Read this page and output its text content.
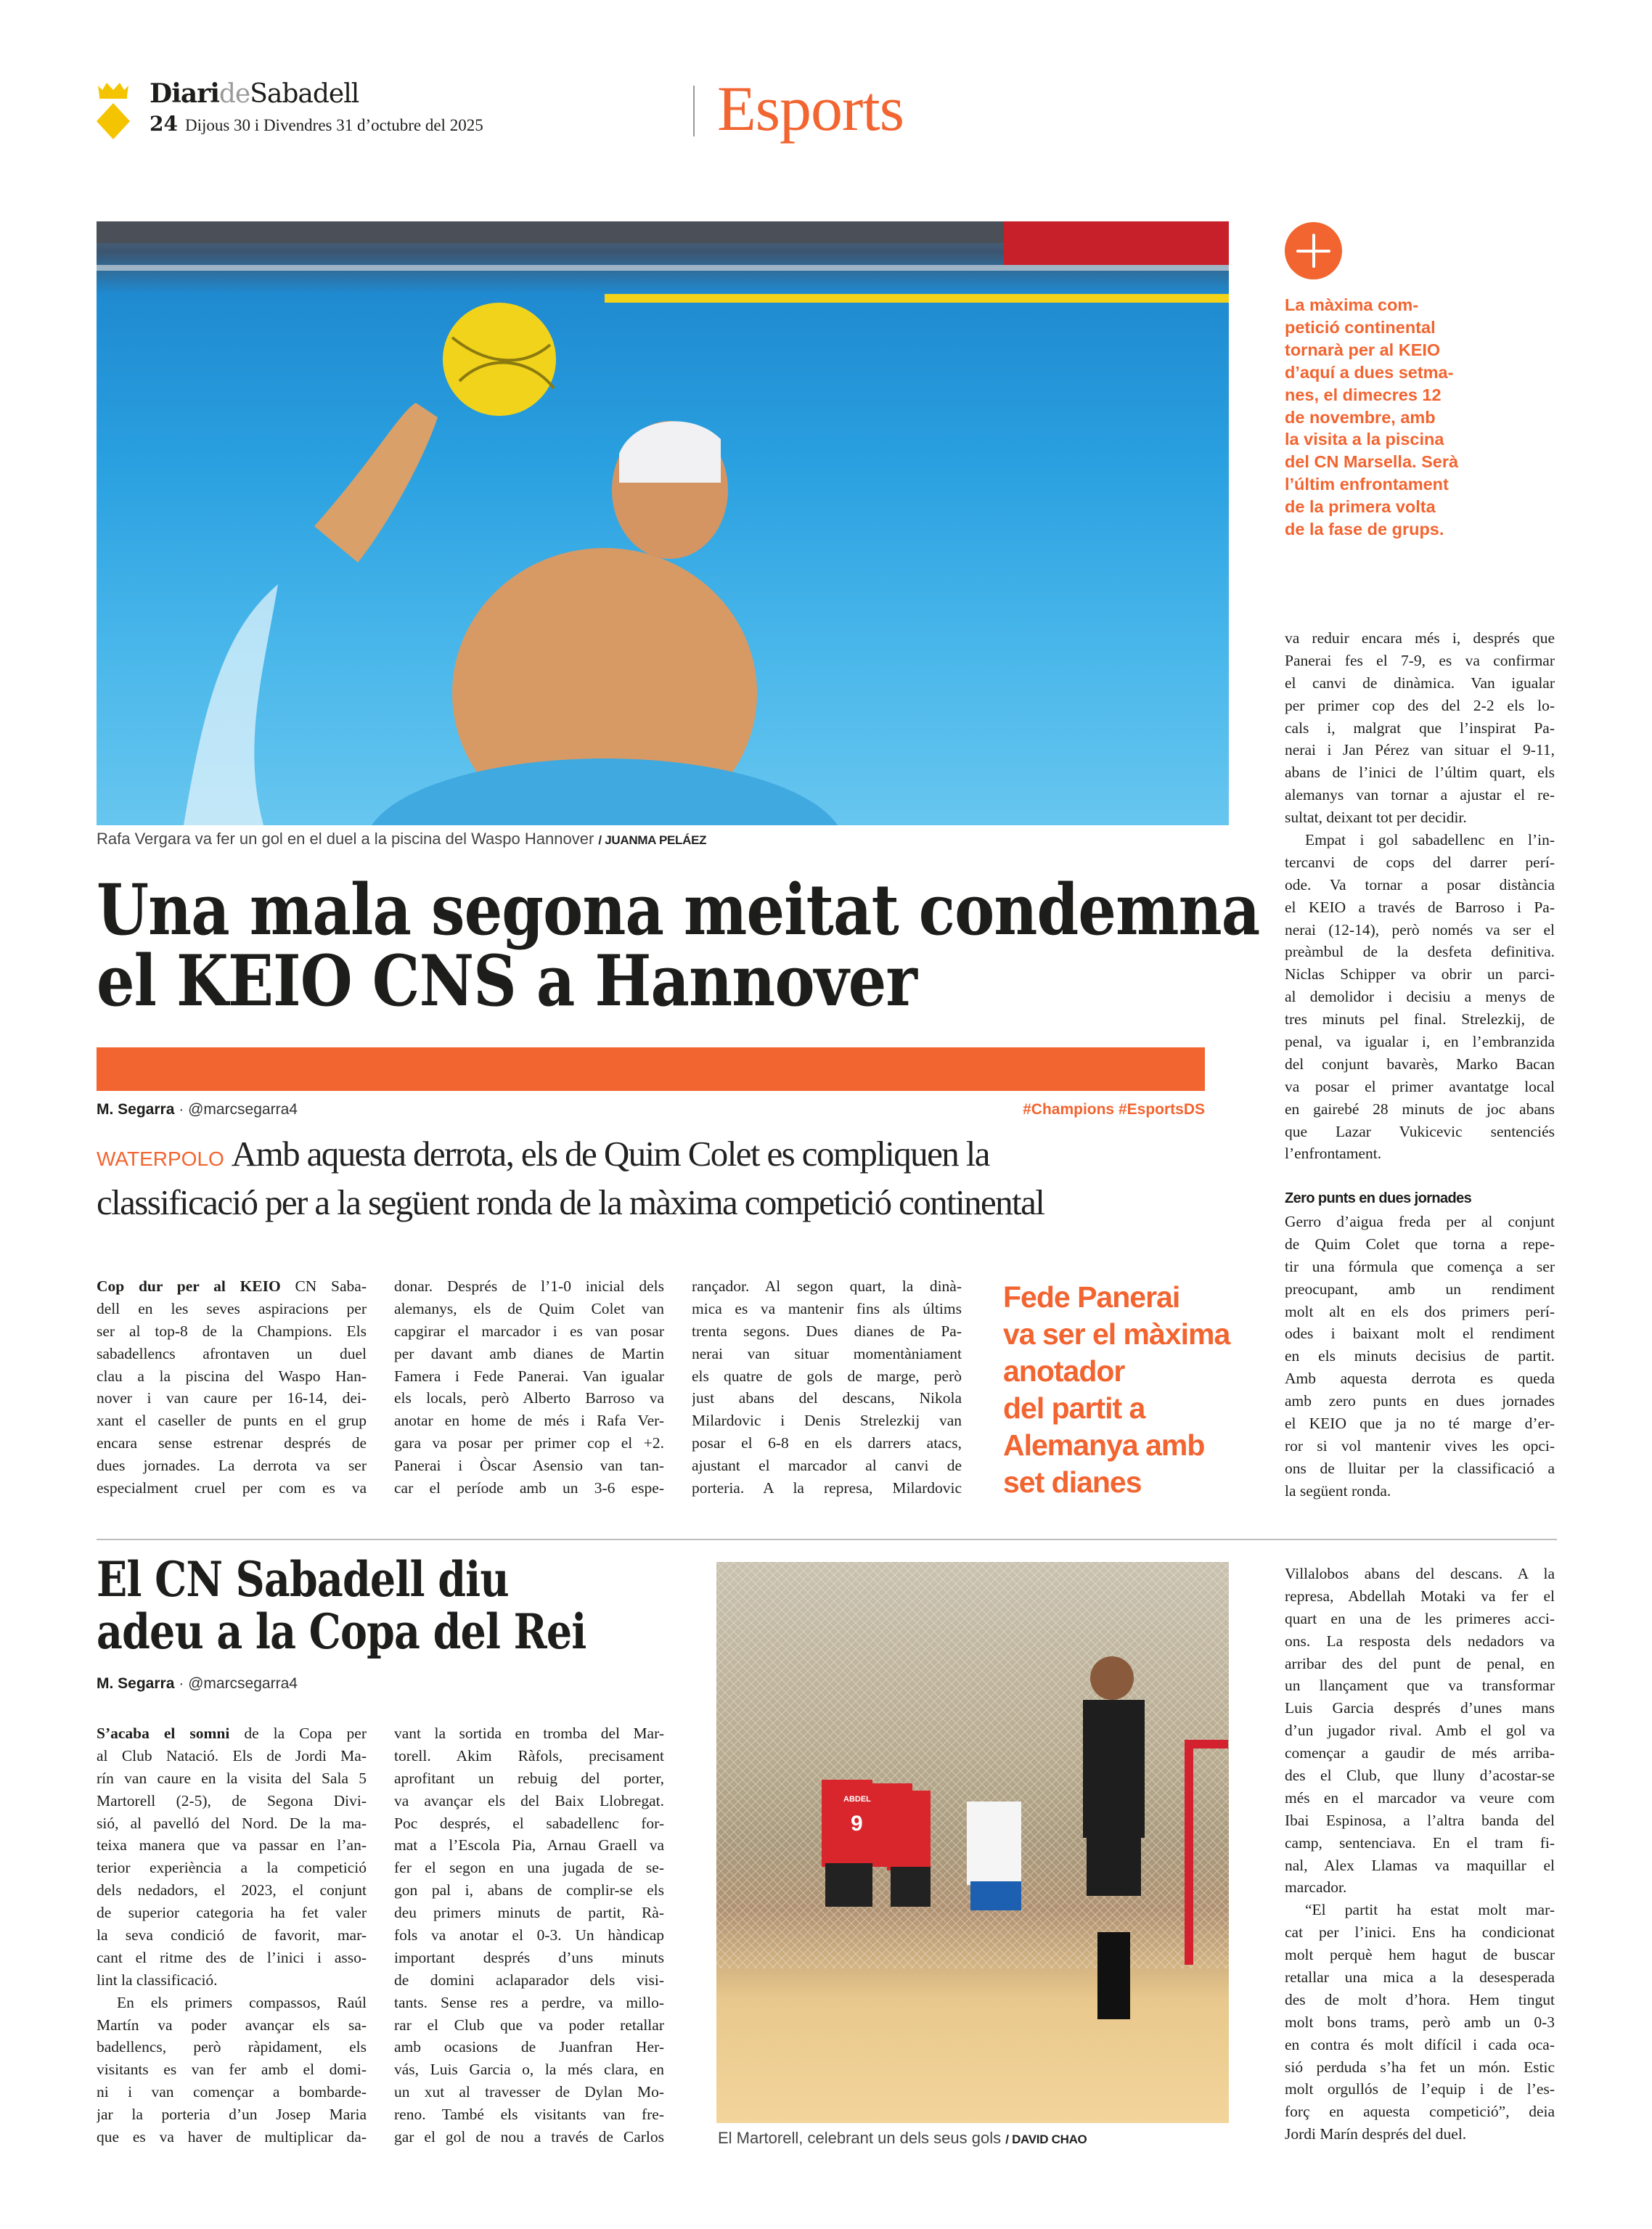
DiarideSabadell
24 Dijous 30 i Divendres 31 d’octubre del 2025	Esports
Rafa Vergara va fer un gol en el duel a la piscina del Waspo Hannover / JUANMA PELÁEZ
Una mala segona meitat condemna
el KEIO CNS a Hannover
M. Segarra · @marcsegarra4	#Champions #EsportsDS
WATERPOLO Amb aquesta derrota, els de Quim Colet es compliquen la
classificació per a la següent ronda de la màxima competició continental
Cop dur per al KEIO CN Saba-
dell en les seves aspiracions per
ser al top-8 de la Champions. Els
sabadellencs afrontaven un duel
clau a la piscina del Waspo Han-
nover i van caure per 16-14, dei-
xant el caseller de punts en el grup
encara sense estrenar després de
dues jornades. La derrota va ser
especialment cruel per com es va
donar. Després de l’1-0 inicial dels
alemanys, els de Quim Colet van
capgirar el marcador i es van posar
per davant amb dianes de Martin
Famera i Fede Panerai. Van igualar
els locals, però Alberto Barroso va
anotar en home de més i Rafa Ver-
gara va posar per primer cop el +2.
Panerai i Òscar Asensio van tan-
car el període amb un 3-6 espe-
rançador. Al segon quart, la dinà-
mica es va mantenir fins als últims
trenta segons. Dues dianes de Pa-
nerai van situar momentàniament
els quatre de gols de marge, però
just abans del descans, Nikola
Milardovic i Denis Strelezkij van
posar el 6-8 en els darrers atacs,
ajustant el marcador al canvi de
porteria. A la represa, Milardovic
Fede Panerai
va ser el màxima
anotador
del partit a
Alemanya amb
set dianes
La màxima com-
petició continental
tornarà per al KEIO
d’aquí a dues setma-
nes, el dimecres 12
de novembre, amb
la visita a la piscina
del CN Marsella. Serà
l’últim enfrontament
de la primera volta
de la fase de grups.
va reduir encara més i, després que
Panerai fes el 7-9, es va confirmar
el canvi de dinàmica. Van igualar
per primer cop des del 2-2 els lo-
cals i, malgrat que l’inspirat Pa-
nerai i Jan Pérez van situar el 9-11,
abans de l’inici de l’últim quart, els
alemanys van tornar a ajustar el re-
sultat, deixant tot per decidir.
Empat i gol sabadellenc en l’in-
tercanvi de cops del darrer perí-
ode. Va tornar a posar distància
el KEIO a través de Barroso i Pa-
nerai (12-14), però només va ser el
preàmbul de la desfeta definitiva.
Niclas Schipper va obrir un parci-
al demolidor i decisiu a menys de
tres minuts pel final. Strelezkij, de
penal, va igualar i, en l’embranzida
del conjunt bavarès, Marko Bacan
va posar el primer avantatge local
en gairebé 28 minuts de joc abans
que Lazar Vukicevic sentenciés
l’enfrontament.
Zero punts en dues jornades
Gerro d’aigua freda per al conjunt
de Quim Colet que torna a repe-
tir una fórmula que comença a ser
preocupant, amb un rendiment
molt alt en els dos primers perí-
odes i baixant molt el rendiment
en els minuts decisius de partit.
Amb aquesta derrota es queda
amb zero punts en dues jornades
el KEIO que ja no té marge d’er-
ror si vol mantenir vives les opci-
ons de lluitar per la classificació a
la següent ronda.
El CN Sabadell diu
adeu a la Copa del Rei
M. Segarra · @marcsegarra4
S’acaba el somni de la Copa per
al Club Natació. Els de Jordi Ma-
rín van caure en la visita del Sala 5
Martorell (2-5), de Segona Divi-
sió, al pavelló del Nord. De la ma-
teixa manera que va passar en l’an-
terior experiència a la competició
dels nedadors, el 2023, el conjunt
de superior categoria ha fet valer
la seva condició de favorit, mar-
cant el ritme des de l’inici i asso-
lint la classificació.
En els primers compassos, Raúl
Martín va poder avançar els sa-
badellencs, però ràpidament, els
visitants es van fer amb el domi-
ni i van començar a bombarde-
jar la porteria d’un Josep Maria
que es va haver de multiplicar da-
vant la sortida en tromba del Mar-
torell. Akim Ràfols, precisament
aprofitant un rebuig del porter,
va avançar els del Baix Llobregat.
Poc després, el sabadellenc for-
mat a l’Escola Pia, Arnau Graell va
fer el segon en una jugada de se-
gon pal i, abans de complir-se els
deu primers minuts de partit, Rà-
fols va anotar el 0-3. Un hàndicap
important després d’uns minuts
de domini aclaparador dels visi-
tants. Sense res a perdre, va millo-
rar el Club que va poder retallar
amb ocasions de Juanfran Her-
vás, Luis Garcia o, la més clara, en
un xut al travesser de Dylan Mo-
reno. També els visitants van fre-
gar el gol de nou a través de Carlos
9
ABDEL
El Martorell, celebrant un dels seus gols / DAVID CHAO
Villalobos abans del descans. A la
represa, Abdellah Motaki va fer el
quart en una de les primeres acci-
ons. La resposta dels nedadors va
arribar des del punt de penal, en
un llançament que va transformar
Luis Garcia després d’unes mans
d’un jugador rival. Amb el gol va
començar a gaudir de més arriba-
des el Club, que lluny d’acostar-se
més en el marcador va veure com
Ibai Espinosa, a l’altra banda del
camp, sentenciava. En el tram fi-
nal, Alex Llamas va maquillar el
marcador.
“El partit ha estat molt mar-
cat per l’inici. Ens ha condicionat
molt perquè hem hagut de buscar
retallar una mica a la desesperada
des de molt d’hora. Hem tingut
molt bons trams, però amb un 0-3
en contra és molt difícil i cada oca-
sió perduda s’ha fet un món. Estic
molt orgullós de l’equip i de l’es-
forç en aquesta competició”, deia
Jordi Marín després del duel.
